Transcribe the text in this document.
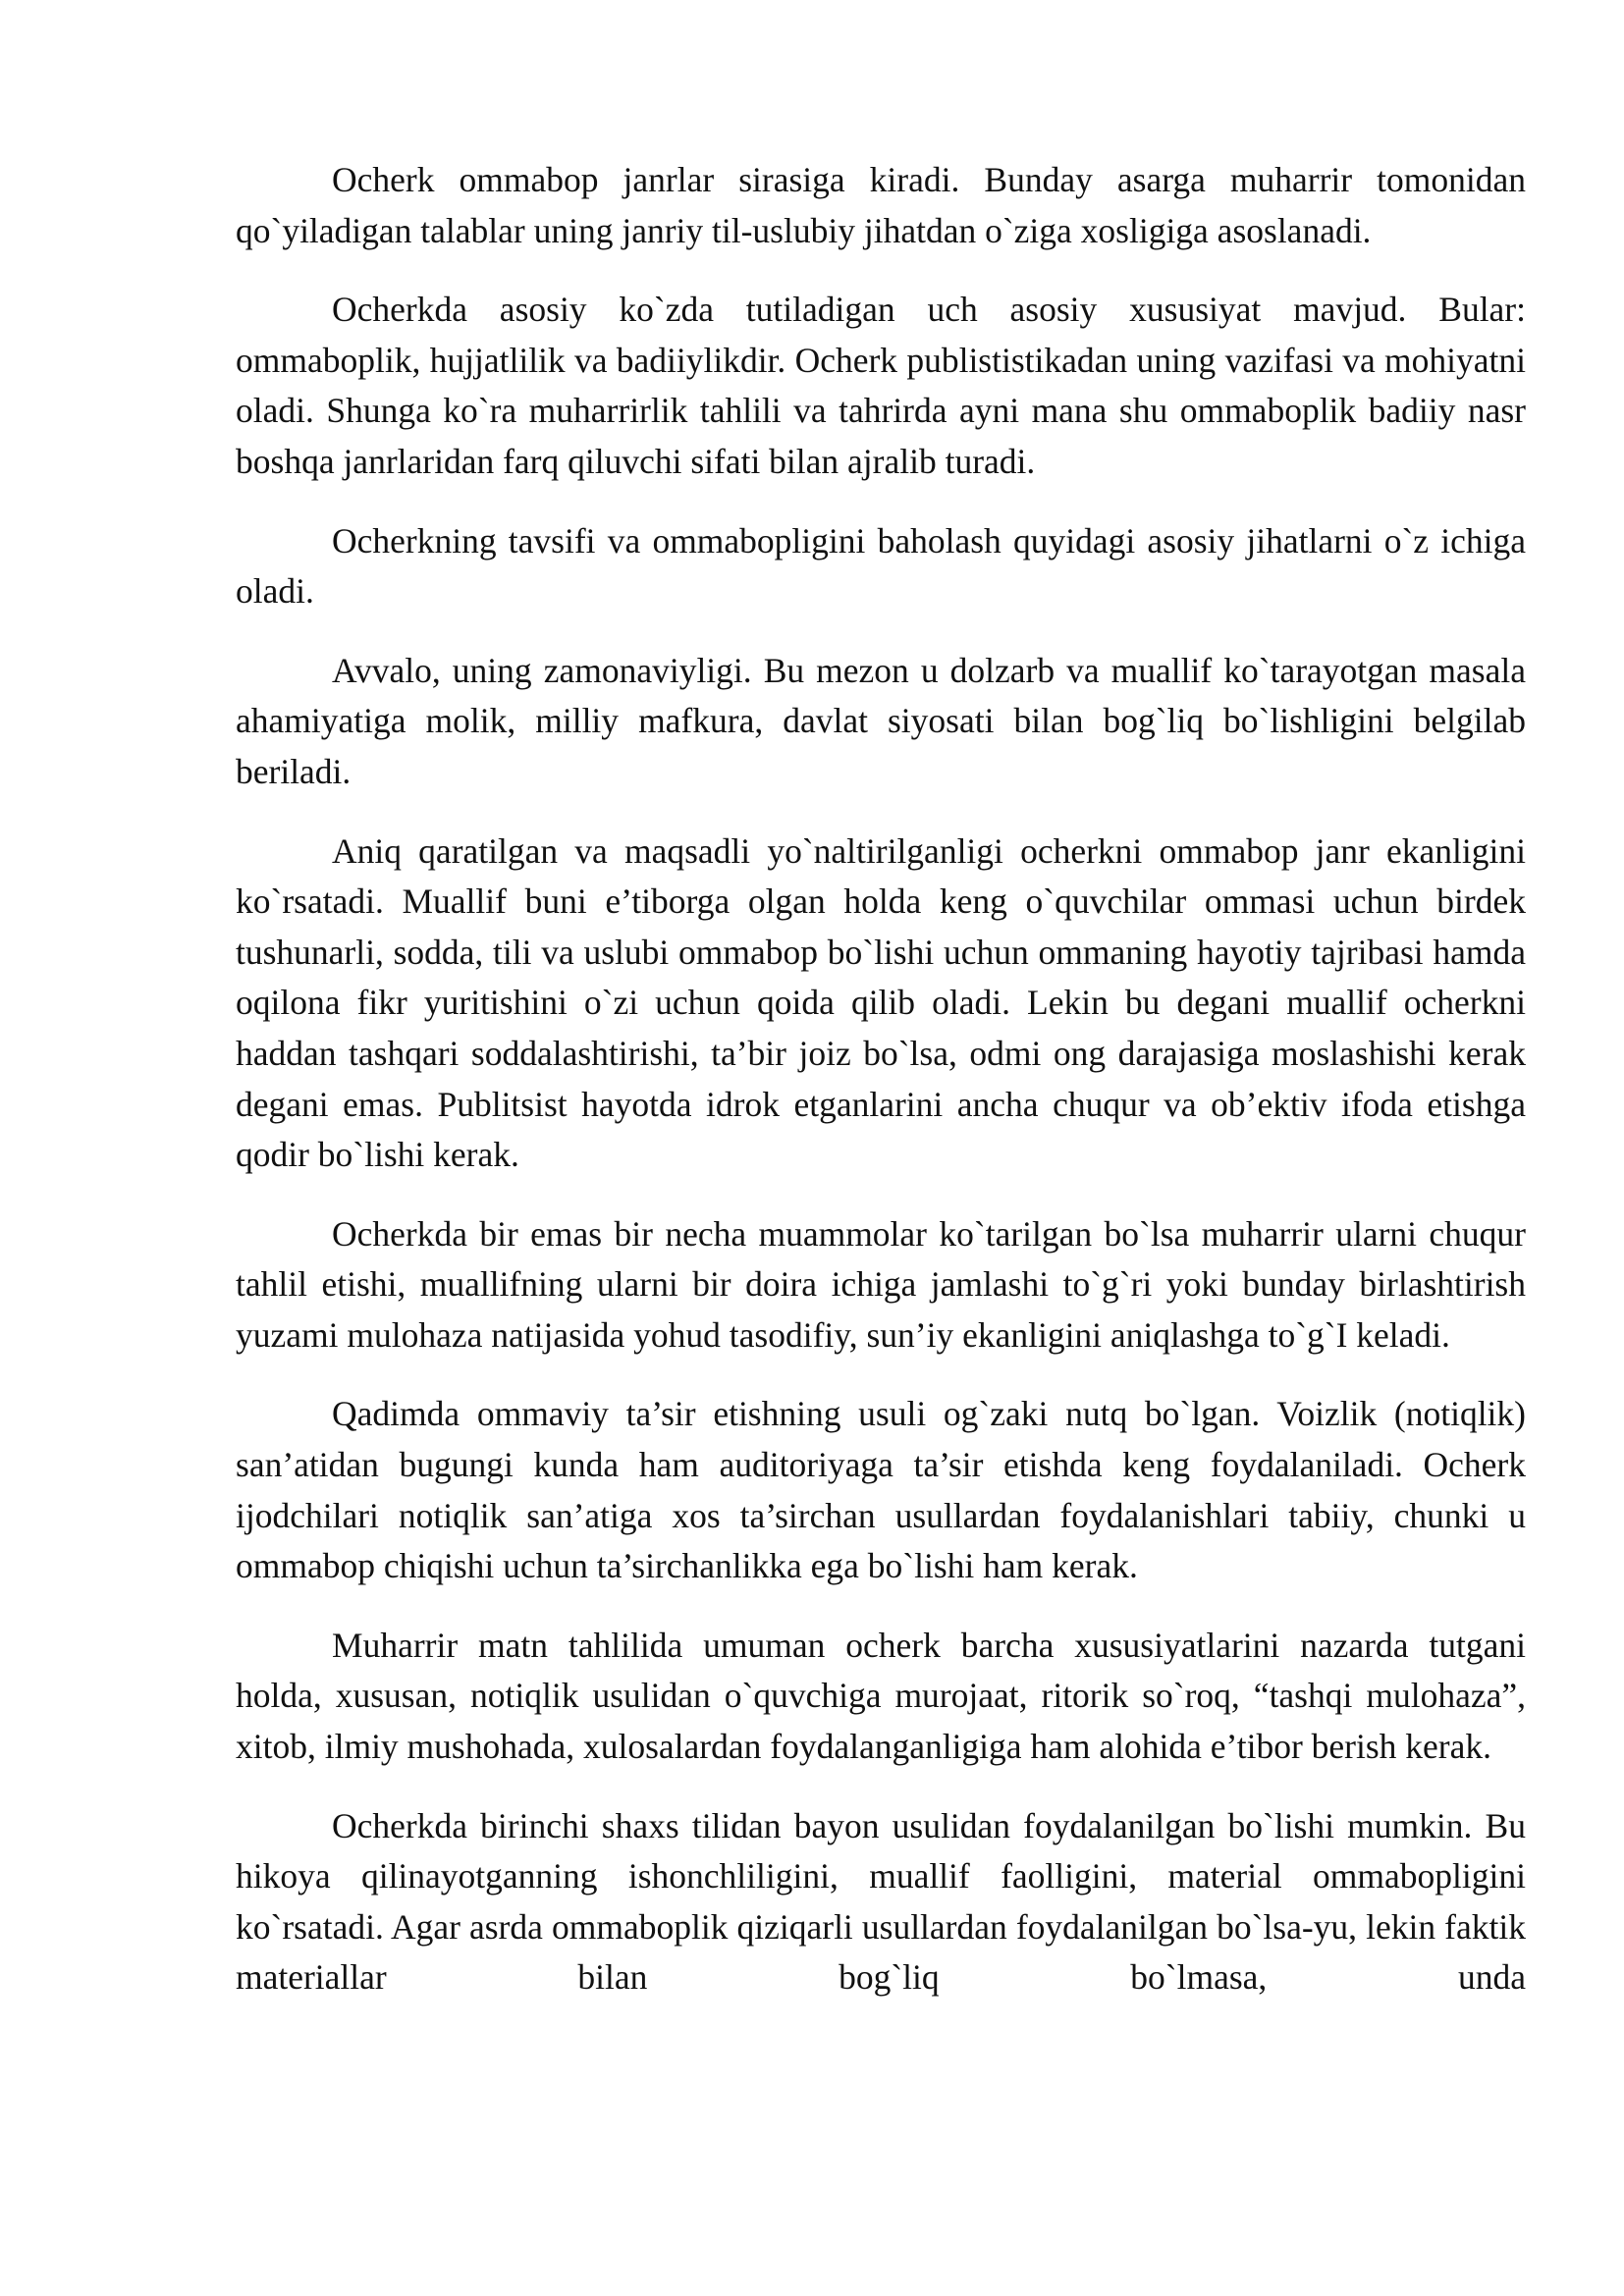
Ocherk ommabop janrlar sirasiga kiradi. Bunday asarga muharrir tomonidan qo`yiladigan talablar uning janriy til-uslubiy jihatdan o`ziga xosligiga asoslanadi.

Ocherkda asosiy ko`zda tutiladigan uch asosiy xususiyat mavjud. Bular: ommaboplik, hujjatlilik va badiiylikdir. Ocherk publististikadan uning vazifasi va mohiyatni oladi. Shunga ko`ra muharrirlik tahlili va tahrirda ayni mana shu ommaboplik badiiy nasr boshqa janrlaridan farq qiluvchi sifati bilan ajralib turadi.

Ocherkning tavsifi va ommabopligini baholash quyidagi asosiy jihatlarni o`z ichiga oladi.

Avvalo, uning zamonaviyligi. Bu mezon u dolzarb va muallif ko`tarayotgan masala ahamiyatiga molik, milliy mafkura, davlat siyosati bilan bog`liq bo`lishligini belgilab beriladi.

Aniq qaratilgan va maqsadli yo`naltirilganligi ocherkni ommabop janr ekanligini ko`rsatadi. Muallif buni e’tiborga olgan holda keng o`quvchilar ommasi uchun birdek tushunarli, sodda, tili va uslubi ommabop bo`lishi uchun ommaning hayotiy tajribasi hamda oqilona fikr yuritishini o`zi uchun qoida qilib oladi. Lekin bu degani muallif ocherkni haddan tashqari soddalashtirishi, ta’bir joiz bo`lsa, odmi ong darajasiga moslashishi kerak degani emas. Publitsist hayotda idrok etganlarini ancha chuqur va ob’ektiv ifoda etishga qodir bo`lishi kerak.

Ocherkda bir emas bir necha muammolar ko`tarilgan bo`lsa muharrir ularni chuqur tahlil etishi, muallifning ularni bir doira ichiga jamlashi to`g`ri yoki bunday birlashtirish yuzami mulohaza natijasida yohud tasodifiy, sun’iy ekanligini aniqlashga to`g`I keladi.

Qadimda ommaviy ta’sir etishning usuli og`zaki nutq bo`lgan. Voizlik (notiqlik) san’atidan bugungi kunda ham auditoriyaga ta’sir etishda keng foydalaniladi. Ocherk ijodchilari notiqlik san’atiga xos ta’sirchan usullardan foydalanishlari tabiiy, chunki u ommabop chiqishi uchun ta’sirchanlikka ega bo`lishi ham kerak.

Muharrir matn tahlilida umuman ocherk barcha xususiyatlarini nazarda tutgani holda, xususan, notiqlik usulidan o`quvchiga murojaat, ritorik so`roq, “tashqi mulohaza”, xitob, ilmiy mushohada, xulosalardan foydalanganligiga ham alohida e’tibor berish kerak.

Ocherkda birinchi shaxs tilidan bayon usulidan foydalanilgan bo`lishi mumkin. Bu hikoya qilinayotganning ishonchliligini, muallif faolligini, material ommabopligini ko`rsatadi. Agar asrda ommaboplik qiziqarli usullardan foydalanilgan bo`lsa-yu, lekin faktik materiallar bilan bog`liq bo`lmasa, unda
